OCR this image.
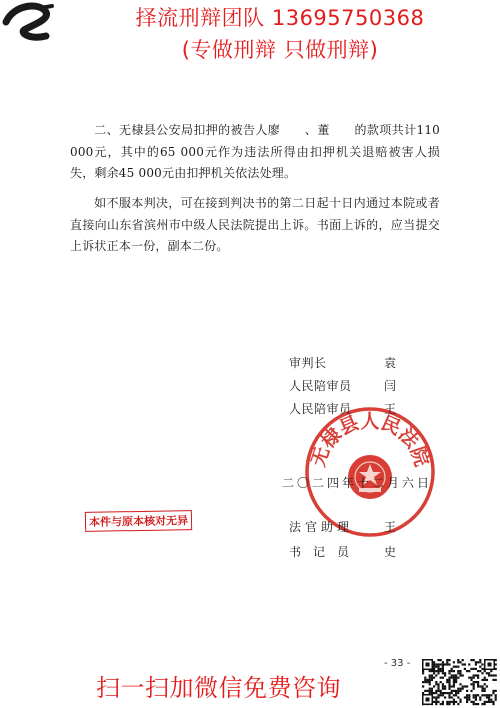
择流刑辩团队 13695750368
(专做刑辩 只做刑辩)
二、无棣县公安局扣押的被告人廖　　、董　　的款项共计110 000元，其中的65 000元作为违法所得由扣押机关退赔被害人损失，剩余45 000元由扣押机关依法处理。
如不服本判决，可在接到判决书的第二日起十日内通过本院或者直接向山东省滨州市中级人民法院提出上诉。书面上诉的，应当提交上诉状正本一份，副本二份。
无棣县人民法院
审判长	袁
人民陪审员	闫
人民陪审员	王
二〇二四年十二月六日
法官助理	王
书记员 史
本件与原本核对无异
- 33 -
扫一扫加微信免费咨询
